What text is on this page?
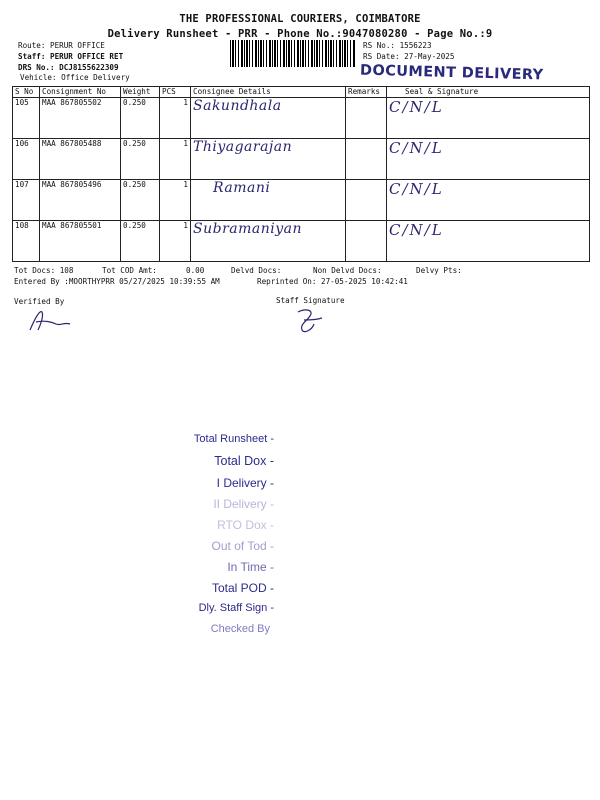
THE PROFESSIONAL COURIERS, COIMBATORE
Delivery Runsheet - PRR - Phone No.:9047080280 - Page No.:9
Route: PERUR OFFICE
Staff: PERUR OFFICE RET
DRS No.: DCJ8155622309
Vehicle: Office Delivery
RS No.: 1556223
RS Date: 27-May-2025
DOCUMENT DELIVERY
S No	Consignment No	Weight	PCS	Consignee Details	Remarks	Seal & Signature
105	MAA 867805502	0.250	1	Sakundhala		C/N/L
106	MAA 867805488	0.250	1	Thiyagarajan		C/N/L
107	MAA 867805496	0.250	1	Ramani		C/N/L
108	MAA 867805501	0.250	1	Subramaniyan		C/N/L
Tot Docs: 108	Tot COD Amt:	0.00	Delvd Docs:	Non Delvd Docs:	Delvy Pts:
Entered By :MOORTHYPRR 05/27/2025 10:39:55 AM	Reprinted On: 27-05-2025 10:42:41
Verified By	Staff Signature
Total Runsheet -
Total Dox -
I Delivery -
II Delivery -
RTO Dox -
Out of Tod -
In Time -
Total POD -
Dly. Staff Sign -
Checked By
